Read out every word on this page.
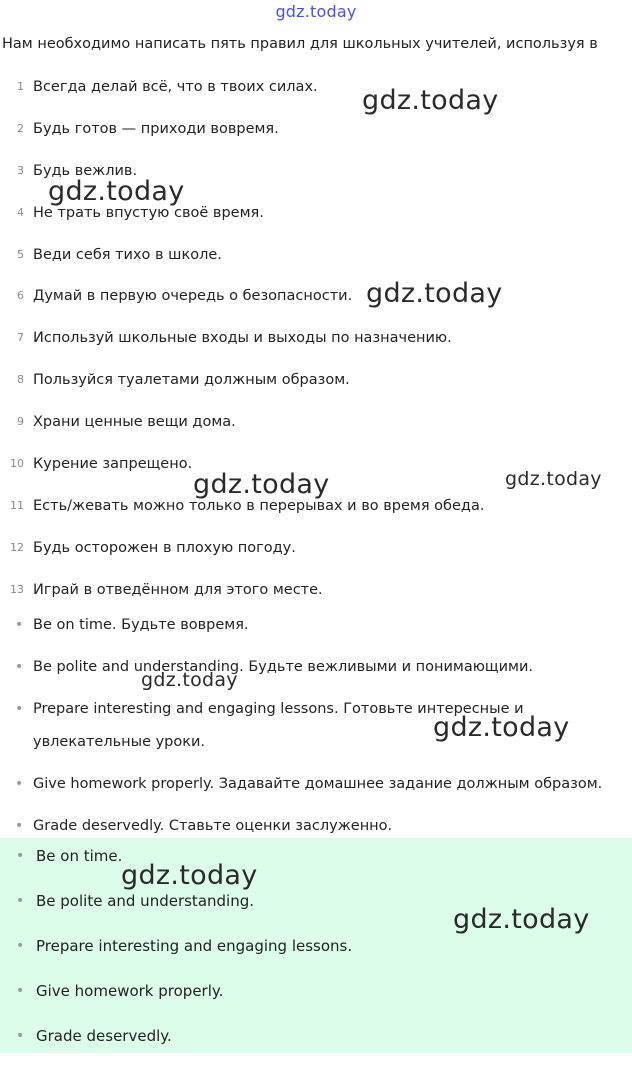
gdz.today
Нам необходимо написать пять правил для школьных учителей, используя в
1 Всегда делай всё, что в твоих силах.
2 Будь готов — приходи вовремя.
3 Будь вежлив.
4 Не трать впустую своё время.
5 Веди себя тихо в школе.
6 Думай в первую очередь о безопасности.
7 Используй школьные входы и выходы по назначению.
8 Пользуйся туалетами должным образом.
9 Храни ценные вещи дома.
10 Курение запрещено.
11 Есть/жевать можно только в перерывах и во время обеда.
12 Будь осторожен в плохую погоду.
13 Играй в отведённом для этого месте.
• Be on time. Будьте вовремя.
• Be polite and understanding. Будьте вежливыми и понимающими.
• Prepare interesting and engaging lessons. Готовьте интересные и увлекательные уроки.
• Give homework properly. Задавайте домашнее задание должным образом.
• Grade deservedly. Ставьте оценки заслуженно.
• Be on time.
• Be polite and understanding.
• Prepare interesting and engaging lessons.
• Give homework properly.
• Grade deservedly.
gdz.today
gdz.today
gdz.today
gdz.today	gdz.today
gdz.today
gdz.today
gdz.today
gdz.today
